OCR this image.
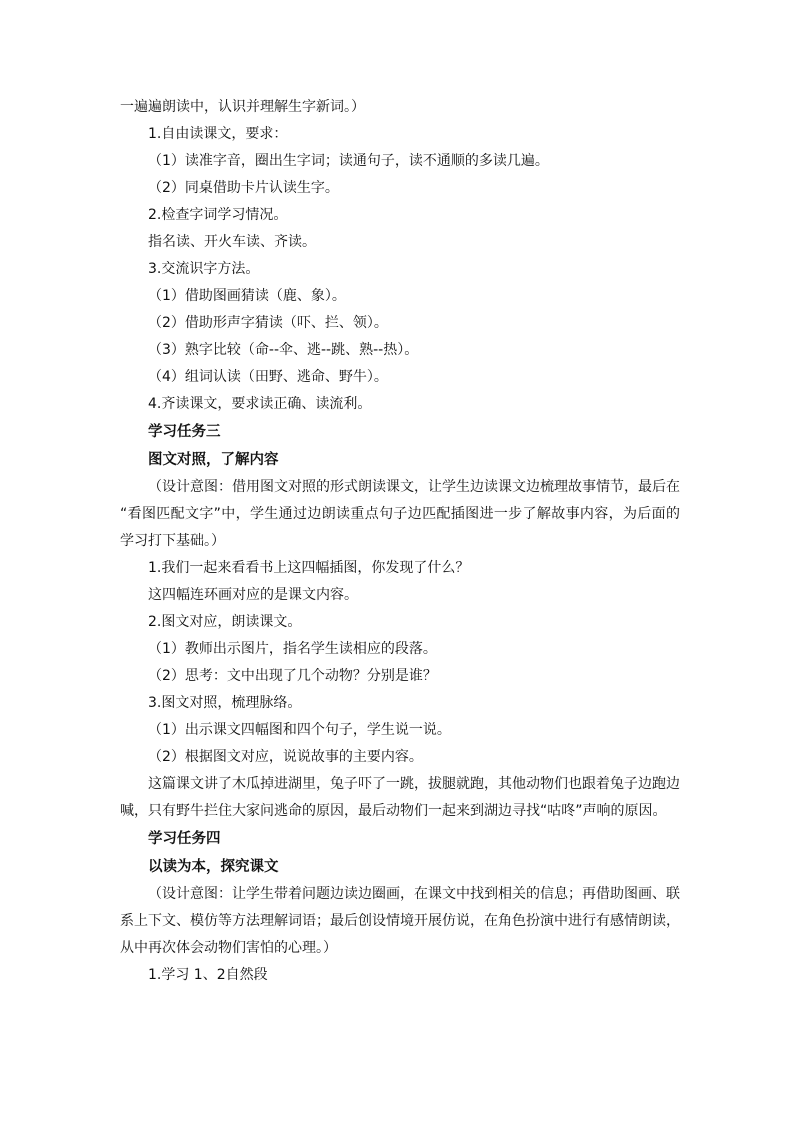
一遍遍朗读中，认识并理解生字新词。）
1.自由读课文，要求：
（1）读准字音，圈出生字词；读通句子，读不通顺的多读几遍。
（2）同桌借助卡片认读生字。
2.检查字词学习情况。
指名读、开火车读、齐读。
3.交流识字方法。
（1）借助图画猜读（鹿、象）。
（2）借助形声字猜读（吓、拦、领）。
（3）熟字比较（命--伞、逃--跳、熟--热）。
（4）组词认读（田野、逃命、野牛）。
4.齐读课文，要求读正确、读流利。
学习任务三
图文对照，了解内容
（设计意图：借用图文对照的形式朗读课文，让学生边读课文边梳理故事情节，最后在
“看图匹配文字”中，学生通过边朗读重点句子边匹配插图进一步了解故事内容，为后面的
学习打下基础。）
1.我们一起来看看书上这四幅插图，你发现了什么？
这四幅连环画对应的是课文内容。
2.图文对应，朗读课文。
（1）教师出示图片，指名学生读相应的段落。
（2）思考：文中出现了几个动物？分别是谁？
3.图文对照，梳理脉络。
（1）出示课文四幅图和四个句子，学生说一说。
（2）根据图文对应，说说故事的主要内容。
这篇课文讲了木瓜掉进湖里，兔子吓了一跳，拔腿就跑，其他动物们也跟着兔子边跑边
喊，只有野牛拦住大家问逃命的原因，最后动物们一起来到湖边寻找“咕咚”声响的原因。
学习任务四
以读为本，探究课文
（设计意图：让学生带着问题边读边圈画，在课文中找到相关的信息；再借助图画、联
系上下文、模仿等方法理解词语；最后创设情境开展仿说，在角色扮演中进行有感情朗读，
从中再次体会动物们害怕的心理。）
1.学习 1、2自然段
